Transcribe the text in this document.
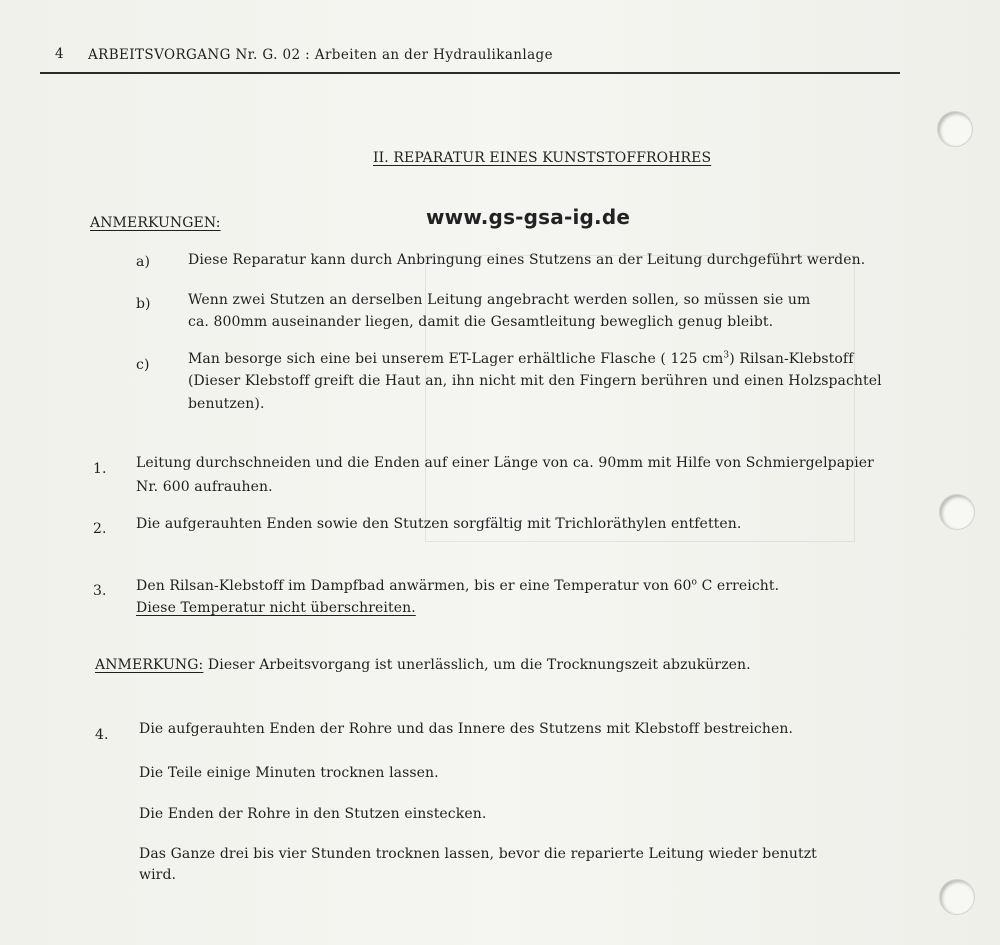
4 ARBEITSVORGANG Nr. G. 02 : Arbeiten an der Hydraulikanlage
II. REPARATUR EINES KUNSTSTOFFROHRES
www.gs-gsa-ig.de
ANMERKUNGEN:
a)	Diese Reparatur kann durch Anbringung eines Stutzens an der Leitung durchgeführt werden.
b)	Wenn zwei Stutzen an derselben Leitung angebracht werden sollen, so müssen sie um
ca. 800mm auseinander liegen, damit die Gesamtleitung beweglich genug bleibt.
c)	Man besorge sich eine bei unserem ET-Lager erhältliche Flasche ( 125 $cm^3$) Rilsan-Klebstoff
(Dieser Klebstoff greift die Haut an, ihn nicht mit den Fingern berühren und einen Holzspachtel
benutzen).
1. Leitung durchschneiden und die Enden auf einer Länge von ca. 90mm mit Hilfe von Schmiergelpapier
Nr. 600 aufrauhen.
2. Die aufgerauhten Enden sowie den Stutzen sorgfältig mit Trichloräthylen entfetten.
3. Den Rilsan-Klebstoff im Dampfbad anwärmen, bis er eine Temperatur von 60$^o$ C erreicht.
Diese Temperatur nicht überschreiten.
ANMERKUNG: Dieser Arbeitsvorgang ist unerlässlich, um die Trocknungszeit abzukürzen.
4. Die aufgerauhten Enden der Rohre und das Innere des Stutzens mit Klebstoff bestreichen.
Die Teile einige Minuten trocknen lassen.
Die Enden der Rohre in den Stutzen einstecken.
Das Ganze drei bis vier Stunden trocknen lassen, bevor die reparierte Leitung wieder benutzt
wird.
